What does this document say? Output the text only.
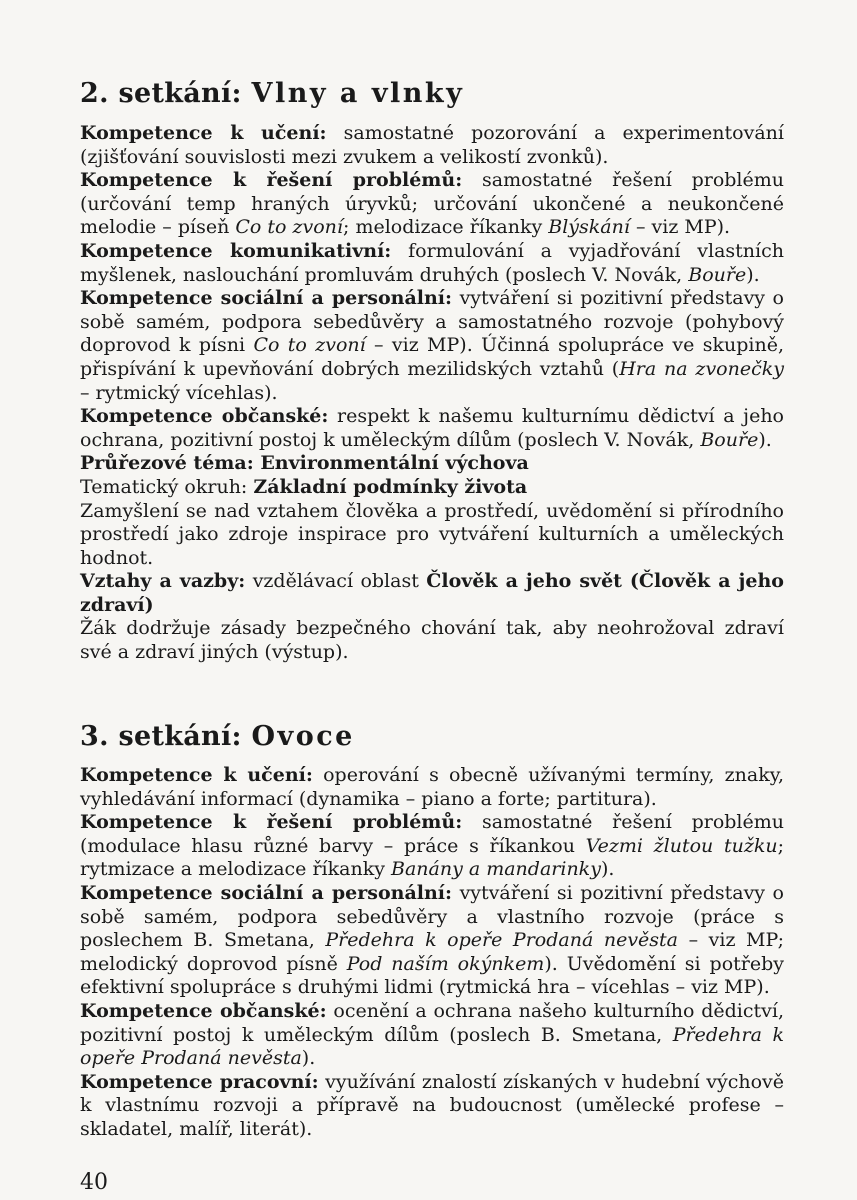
2. setkání: Vlny a vlnky

Kompetence k učení: samostatné pozorování a experimentování (zjišťování souvislosti mezi zvukem a velikostí zvonků).

Kompetence k řešení problémů: samostatné řešení problému (určování temp hraných úryvků; určování ukončené a neukončené melodie – píseň Co to zvoní; melodizace říkanky Blýskání – viz MP).

Kompetence komunikativní: formulování a vyjadřování vlastních myšlenek, naslouchání promluvám druhých (poslech V. Novák, Bouře).

Kompetence sociální a personální: vytváření si pozitivní představy o sobě samém, podpora sebedůvěry a samostatného rozvoje (pohybový doprovod k písni Co to zvoní – viz MP). Účinná spolupráce ve skupině, přispívání k upevňování dobrých mezilidských vztahů (Hra na zvonečky – rytmický vícehlas).

Kompetence občanské: respekt k našemu kulturnímu dědictví a jeho ochrana, pozitivní postoj k uměleckým dílům (poslech V. Novák, Bouře).

Průřezové téma: Environmentální výchova

Tematický okruh: Základní podmínky života

Zamyšlení se nad vztahem člověka a prostředí, uvědomění si přírodního prostředí jako zdroje inspirace pro vytváření kulturních a uměleckých hodnot.

Vztahy a vazby: vzdělávací oblast Člověk a jeho svět (Člověk a jeho zdraví)

Žák dodržuje zásady bezpečného chování tak, aby neohrožoval zdraví své a zdraví jiných (výstup).

3. setkání: Ovoce

Kompetence k učení: operování s obecně užívanými termíny, znaky, vyhledávání informací (dynamika – piano a forte; partitura).

Kompetence k řešení problémů: samostatné řešení problému (modulace hlasu různé barvy – práce s říkankou Vezmi žlutou tužku; rytmizace a melodizace říkanky Banány a mandarinky).

Kompetence sociální a personální: vytváření si pozitivní představy o sobě samém, podpora sebedůvěry a vlastního rozvoje (práce s poslechem B. Smetana, Předehra k opeře Prodaná nevěsta – viz MP; melodický doprovod písně Pod naším okýnkem). Uvědomění si potřeby efektivní spolupráce s druhými lidmi (rytmická hra – vícehlas – viz MP).

Kompetence občanské: ocenění a ochrana našeho kulturního dědictví, pozitivní postoj k uměleckým dílům (poslech B. Smetana, Předehra k opeře Prodaná nevěsta).

Kompetence pracovní: využívání znalostí získaných v hudební výchově k vlastnímu rozvoji a přípravě na budoucnost (umělecké profese – skladatel, malíř, literát).

40
